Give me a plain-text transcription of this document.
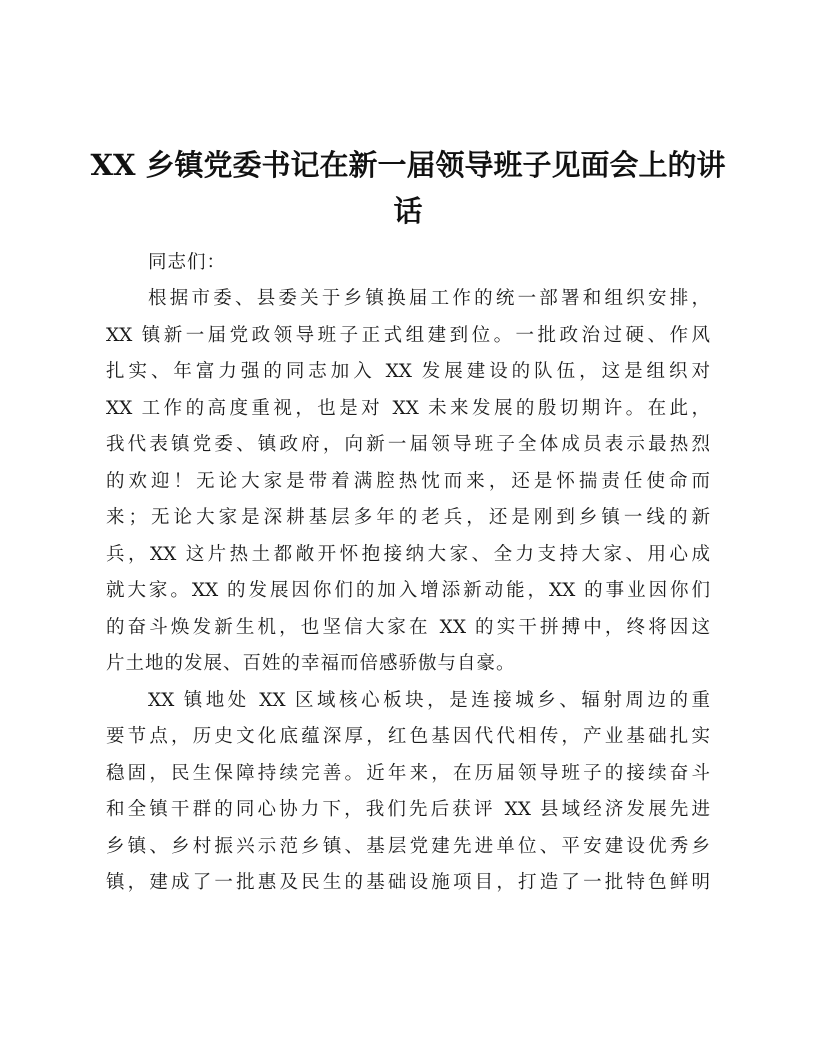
XX 乡镇党委书记在新一届领导班子见面会上的讲话

同志们：

根据市委、县委关于乡镇换届工作的统一部署和组织安排，
XX 镇新一届党政领导班子正式组建到位。一批政治过硬、作风
扎实、年富力强的同志加入 XX 发展建设的队伍，这是组织对
XX 工作的高度重视，也是对 XX 未来发展的殷切期许。在此，
我代表镇党委、镇政府，向新一届领导班子全体成员表示最热烈
的欢迎！无论大家是带着满腔热忱而来，还是怀揣责任使命而
来；无论大家是深耕基层多年的老兵，还是刚到乡镇一线的新
兵，XX 这片热土都敞开怀抱接纳大家、全力支持大家、用心成
就大家。XX 的发展因你们的加入增添新动能，XX 的事业因你们
的奋斗焕发新生机，也坚信大家在 XX 的实干拼搏中，终将因这
片土地的发展、百姓的幸福而倍感骄傲与自豪。

XX 镇地处 XX 区域核心板块，是连接城乡、辐射周边的重
要节点，历史文化底蕴深厚，红色基因代代相传，产业基础扎实
稳固，民生保障持续完善。近年来，在历届领导班子的接续奋斗
和全镇干群的同心协力下，我们先后获评 XX 县域经济发展先进
乡镇、乡村振兴示范乡镇、基层党建先进单位、平安建设优秀乡
镇，建成了一批惠及民生的基础设施项目，打造了一批特色鲜明
